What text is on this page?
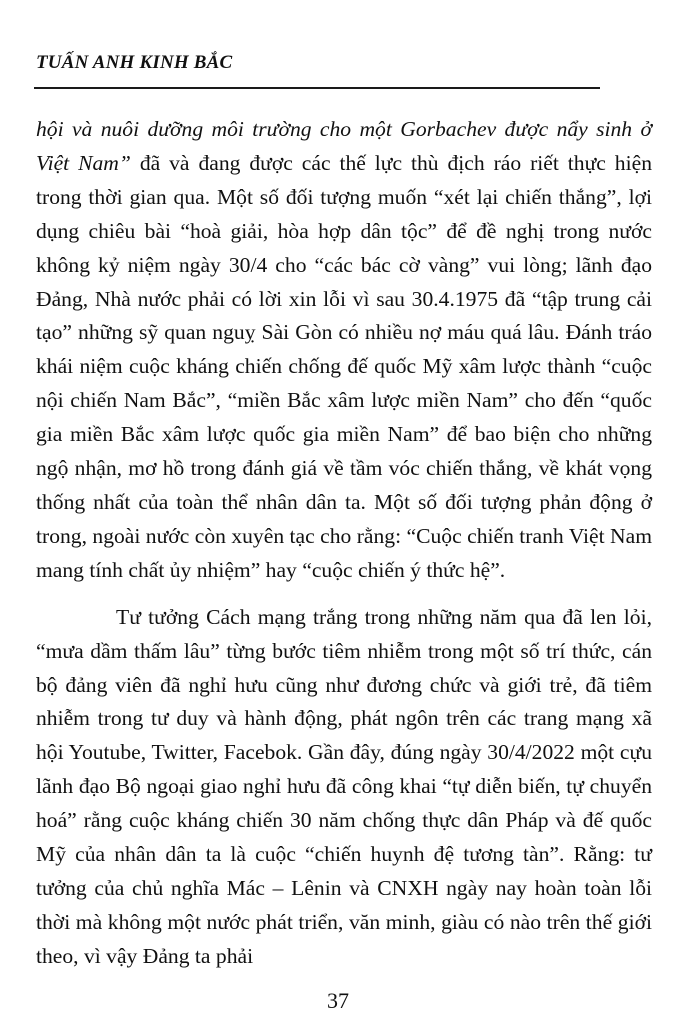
TUẤN ANH KINH BẮC

hội và nuôi dưỡng môi trường cho một Gorbachev được nẩy sinh ở Việt Nam” đã và đang được các thế lực thù địch ráo riết thực hiện trong thời gian qua. Một số đối tượng muốn “xét lại chiến thắng”, lợi dụng chiêu bài “hoà giải, hòa hợp dân tộc” để đề nghị trong nước không kỷ niệm ngày 30/4 cho “các bác cờ vàng” vui lòng; lãnh đạo Đảng, Nhà nước phải có lời xin lỗi vì sau 30.4.1975 đã “tập trung cải tạo” những sỹ quan nguỵ Sài Gòn có nhiều nợ máu quá lâu. Đánh tráo khái niệm cuộc kháng chiến chống đế quốc Mỹ xâm lược thành “cuộc nội chiến Nam Bắc”, “miền Bắc xâm lược miền Nam” cho đến “quốc gia miền Bắc xâm lược quốc gia miền Nam” để bao biện cho những ngộ nhận, mơ hồ trong đánh giá về tầm vóc chiến thắng, về khát vọng thống nhất của toàn thể nhân dân ta. Một số đối tượng phản động ở trong, ngoài nước còn xuyên tạc cho rằng: “Cuộc chiến tranh Việt Nam mang tính chất ủy nhiệm” hay “cuộc chiến ý thức hệ”.

Tư tưởng Cách mạng trắng trong những năm qua đã len lỏi, “mưa dầm thấm lâu” từng bước tiêm nhiễm trong một số trí thức, cán bộ đảng viên đã nghỉ hưu cũng như đương chức và giới trẻ, đã tiêm nhiễm trong tư duy và hành động, phát ngôn trên các trang mạng xã hội Youtube, Twitter, Facebok. Gần đây, đúng ngày 30/4/2022 một cựu lãnh đạo Bộ ngoại giao nghỉ hưu đã công khai “tự diễn biến, tự chuyển hoá” rằng cuộc kháng chiến 30 năm chống thực dân Pháp và đế quốc Mỹ của nhân dân ta là cuộc “chiến huynh đệ tương tàn”. Rằng: tư tưởng của chủ nghĩa Mác – Lênin và CNXH ngày nay hoàn toàn lỗi thời mà không một nước phát triển, văn minh, giàu có nào trên thế giới theo, vì vậy Đảng ta phải

37
